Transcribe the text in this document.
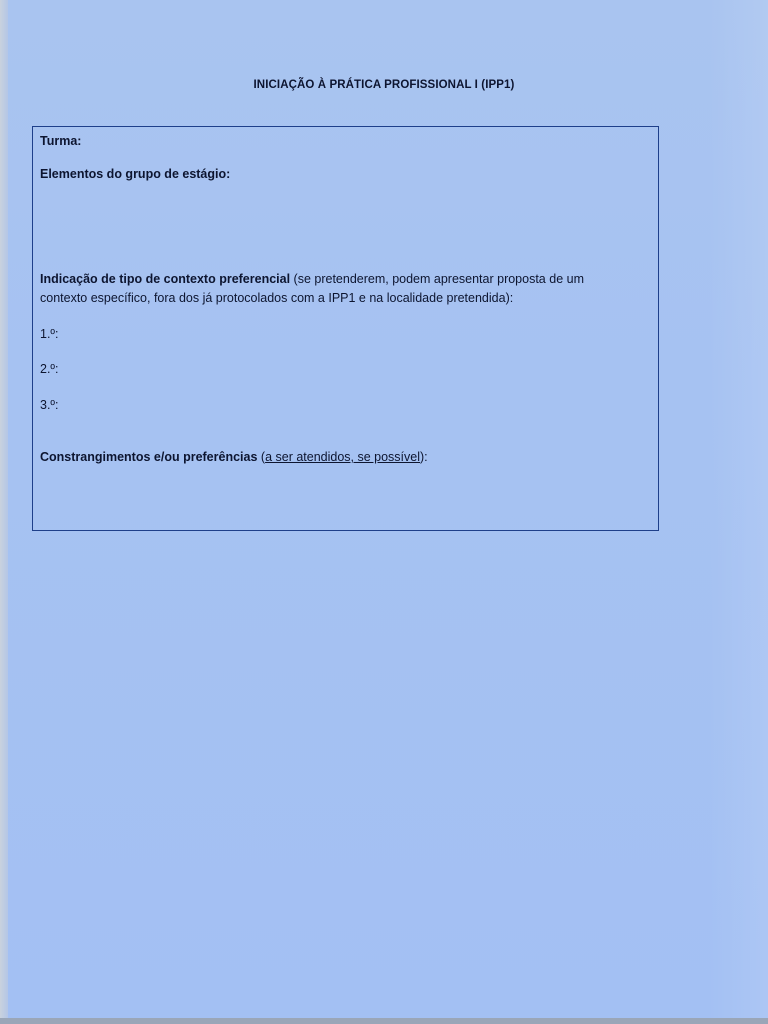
INICIAÇÃO À PRÁTICA PROFISSIONAL I (IPP1)
Turma:
Elementos do grupo de estágio:
Indicação de tipo de contexto preferencial (se pretenderem, podem apresentar proposta de um
contexto específico, fora dos já protocolados com a IPP1 e na localidade pretendida):
1.º:
2.º:
3.º:
Constrangimentos e/ou preferências (a ser atendidos, se possível):
